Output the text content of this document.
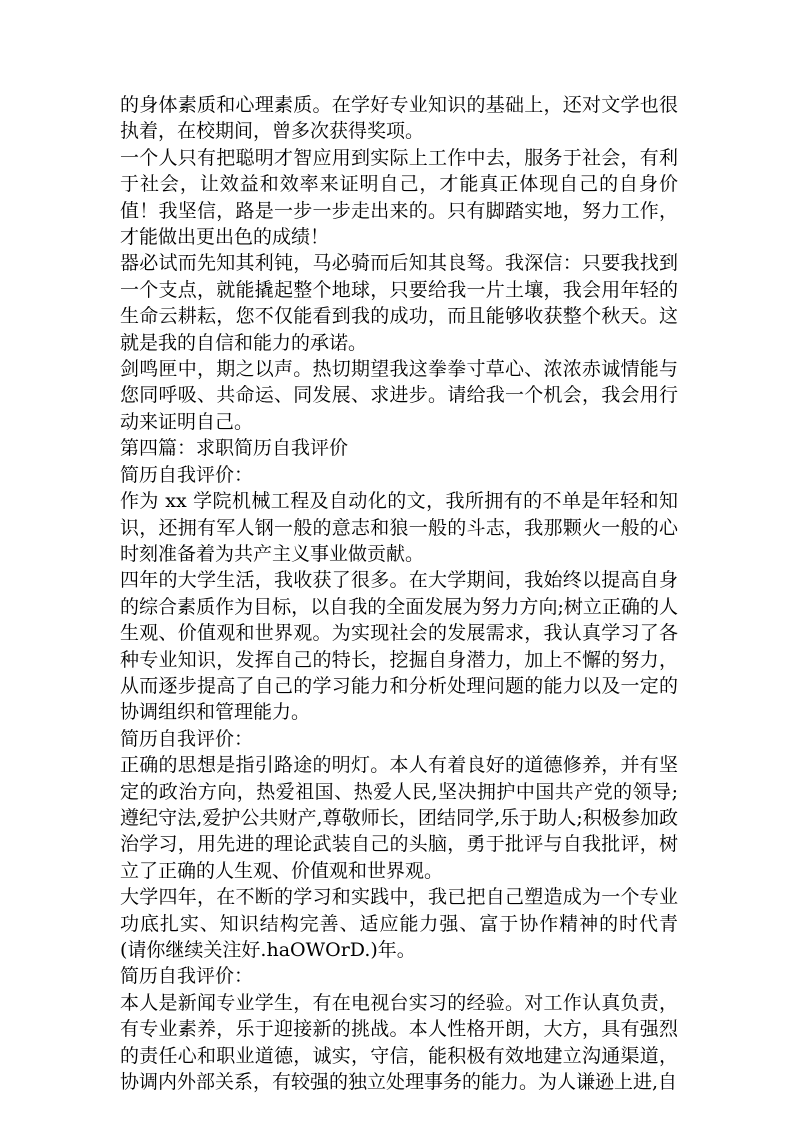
的身体素质和心理素质。在学好专业知识的基础上，还对文学也很执着，在校期间，曾多次获得奖项。

一个人只有把聪明才智应用到实际上工作中去，服务于社会，有利于社会，让效益和效率来证明自己，才能真正体现自己的自身价值！我坚信，路是一步一步走出来的。只有脚踏实地，努力工作，才能做出更出色的成绩！

器必试而先知其利钝，马必骑而后知其良驽。我深信：只要我找到一个支点，就能撬起整个地球，只要给我一片土壤，我会用年轻的生命云耕耘，您不仅能看到我的成功，而且能够收获整个秋天。这就是我的自信和能力的承诺。

剑鸣匣中，期之以声。热切期望我这拳拳寸草心、浓浓赤诚情能与您同呼吸、共命运、同发展、求进步。请给我一个机会，我会用行动来证明自己。

第四篇：求职简历自我评价

简历自我评价：

作为 xx 学院机械工程及自动化的文，我所拥有的不单是年轻和知识，还拥有军人钢一般的意志和狼一般的斗志，我那颗火一般的心时刻准备着为共产主义事业做贡献。

四年的大学生活，我收获了很多。在大学期间，我始终以提高自身的综合素质作为目标，以自我的全面发展为努力方向;树立正确的人生观、价值观和世界观。为实现社会的发展需求，我认真学习了各种专业知识，发挥自己的特长，挖掘自身潜力，加上不懈的努力，从而逐步提高了自己的学习能力和分析处理问题的能力以及一定的协调组织和管理能力。

简历自我评价：

正确的思想是指引路途的明灯。本人有着良好的道德修养，并有坚定的政治方向，热爱祖国、热爱人民,坚决拥护中国共产党的领导;遵纪守法,爱护公共财产,尊敬师长，团结同学,乐于助人;积极参加政治学习，用先进的理论武装自己的头脑，勇于批评与自我批评，树立了正确的人生观、价值观和世界观。

大学四年，在不断的学习和实践中，我已把自己塑造成为一个专业功底扎实、知识结构完善、适应能力强、富于协作精神的时代青(请你继续关注好.haOWOrD.)年。

简历自我评价：

本人是新闻专业学生，有在电视台实习的经验。对工作认真负责，有专业素养，乐于迎接新的挑战。本人性格开朗，大方，具有强烈的责任心和职业道德，诚实，守信，能积极有效地建立沟通渠道，协调内外部关系，有较强的独立处理事务的能力。为人谦逊上进,自
